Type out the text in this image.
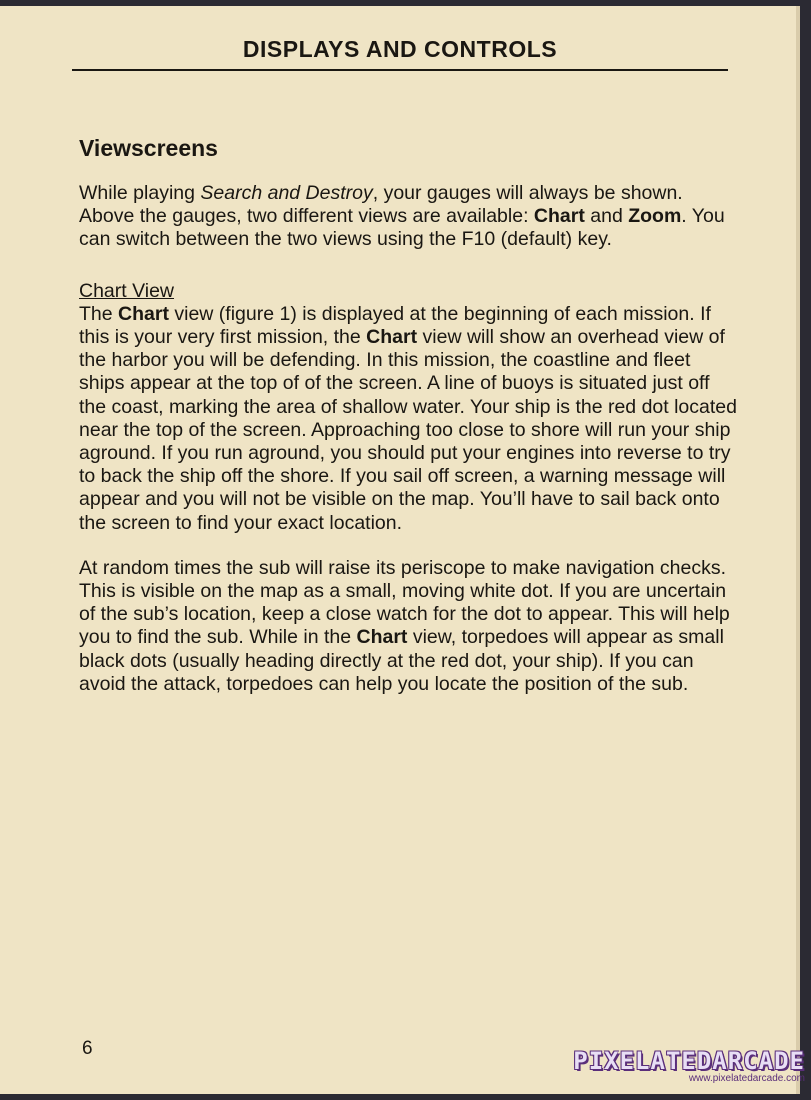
DISPLAYS AND CONTROLS
Viewscreens

While playing Search and Destroy, your gauges will always be shown. Above the gauges, two different views are available: Chart and Zoom. You can switch between the two views using the F10 (default) key.

Chart View

The Chart view (figure 1) is displayed at the beginning of each mission. If this is your very first mission, the Chart view will show an overhead view of the harbor you will be defending. In this mission, the coastline and fleet ships appear at the top of of the screen. A line of buoys is situated just off the coast, marking the area of shallow water. Your ship is the red dot located near the top of the screen. Approaching too close to shore will run your ship aground. If you run aground, you should put your engines into reverse to try to back the ship off the shore. If you sail off screen, a warning message will appear and you will not be visible on the map. You’ll have to sail back onto the screen to find your exact location.

At random times the sub will raise its periscope to make navigation checks. This is visible on the map as a small, moving white dot. If you are uncertain of the sub’s location, keep a close watch for the dot to appear. This will help you to find the sub. While in the Chart view, torpedoes will appear as small black dots (usually heading directly at the red dot, your ship). If you can avoid the attack, torpedoes can help you locate the position of the sub.

6	PIXELATEDARCADE
www.pixelatedarcade.com
